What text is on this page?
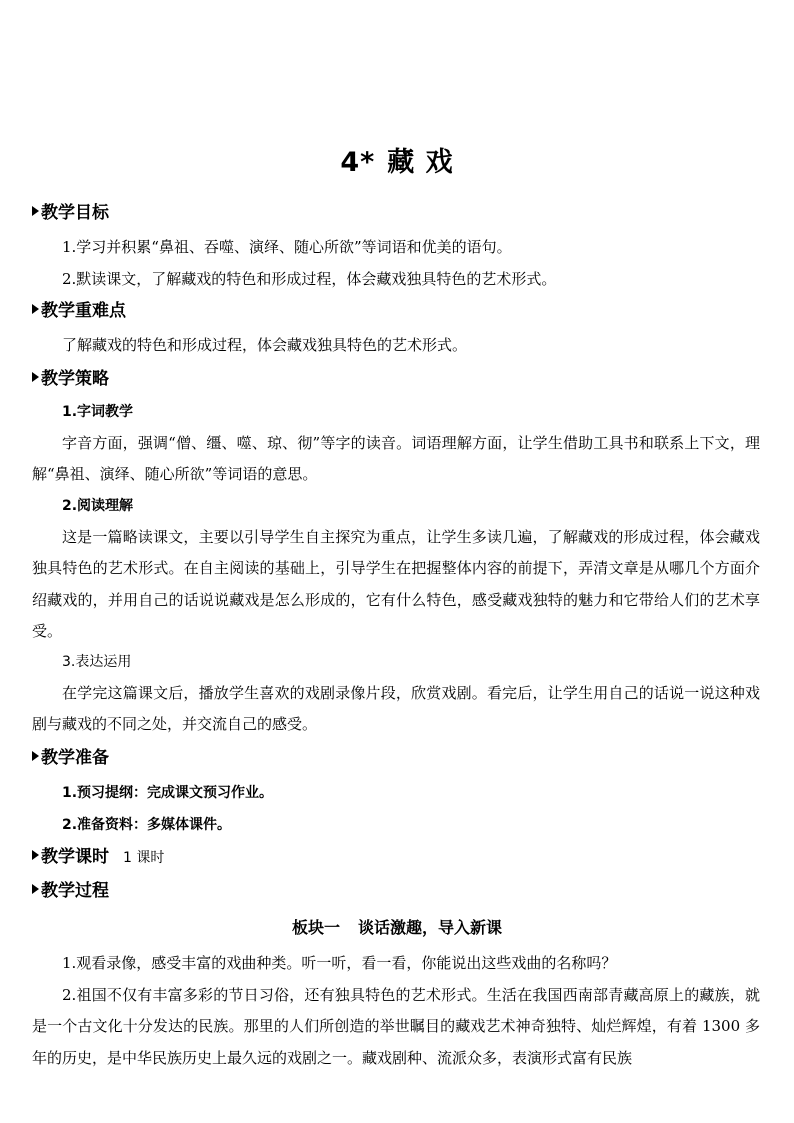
4* 藏 戏
教学目标
1.学习并积累“鼻祖、吞噬、演绎、随心所欲”等词语和优美的语句。
2.默读课文，了解藏戏的特色和形成过程，体会藏戏独具特色的艺术形式。
教学重难点
了解藏戏的特色和形成过程，体会藏戏独具特色的艺术形式。
教学策略
1.字词教学
字音方面，强调“僧、缰、噬、琼、彻”等字的读音。词语理解方面，让学生借助工具书和联系上下文，理解“鼻祖、演绎、随心所欲”等词语的意思。
2.阅读理解
这是一篇略读课文，主要以引导学生自主探究为重点，让学生多读几遍，了解藏戏的形成过程，体会藏戏独具特色的艺术形式。在自主阅读的基础上，引导学生在把握整体内容的前提下，弄清文章是从哪几个方面介绍藏戏的，并用自己的话说说藏戏是怎么形成的，它有什么特色，感受藏戏独特的魅力和它带给人们的艺术享受。
3.表达运用
在学完这篇课文后，播放学生喜欢的戏剧录像片段，欣赏戏剧。看完后，让学生用自己的话说一说这种戏剧与藏戏的不同之处，并交流自己的感受。
教学准备
1.预习提纲：完成课文预习作业。
2.准备资料：多媒体课件。
教学课时 1 课时
教学过程
板块一 谈话激趣，导入新课
1.观看录像，感受丰富的戏曲种类。听一听，看一看，你能说出这些戏曲的名称吗？
2.祖国不仅有丰富多彩的节日习俗，还有独具特色的艺术形式。生活在我国西南部青藏高原上的藏族，就是一个古文化十分发达的民族。那里的人们所创造的举世瞩目的藏戏艺术神奇独特、灿烂辉煌，有着 1300 多年的历史，是中华民族历史上最久远的戏剧之一。藏戏剧种、流派众多，表演形式富有民族
